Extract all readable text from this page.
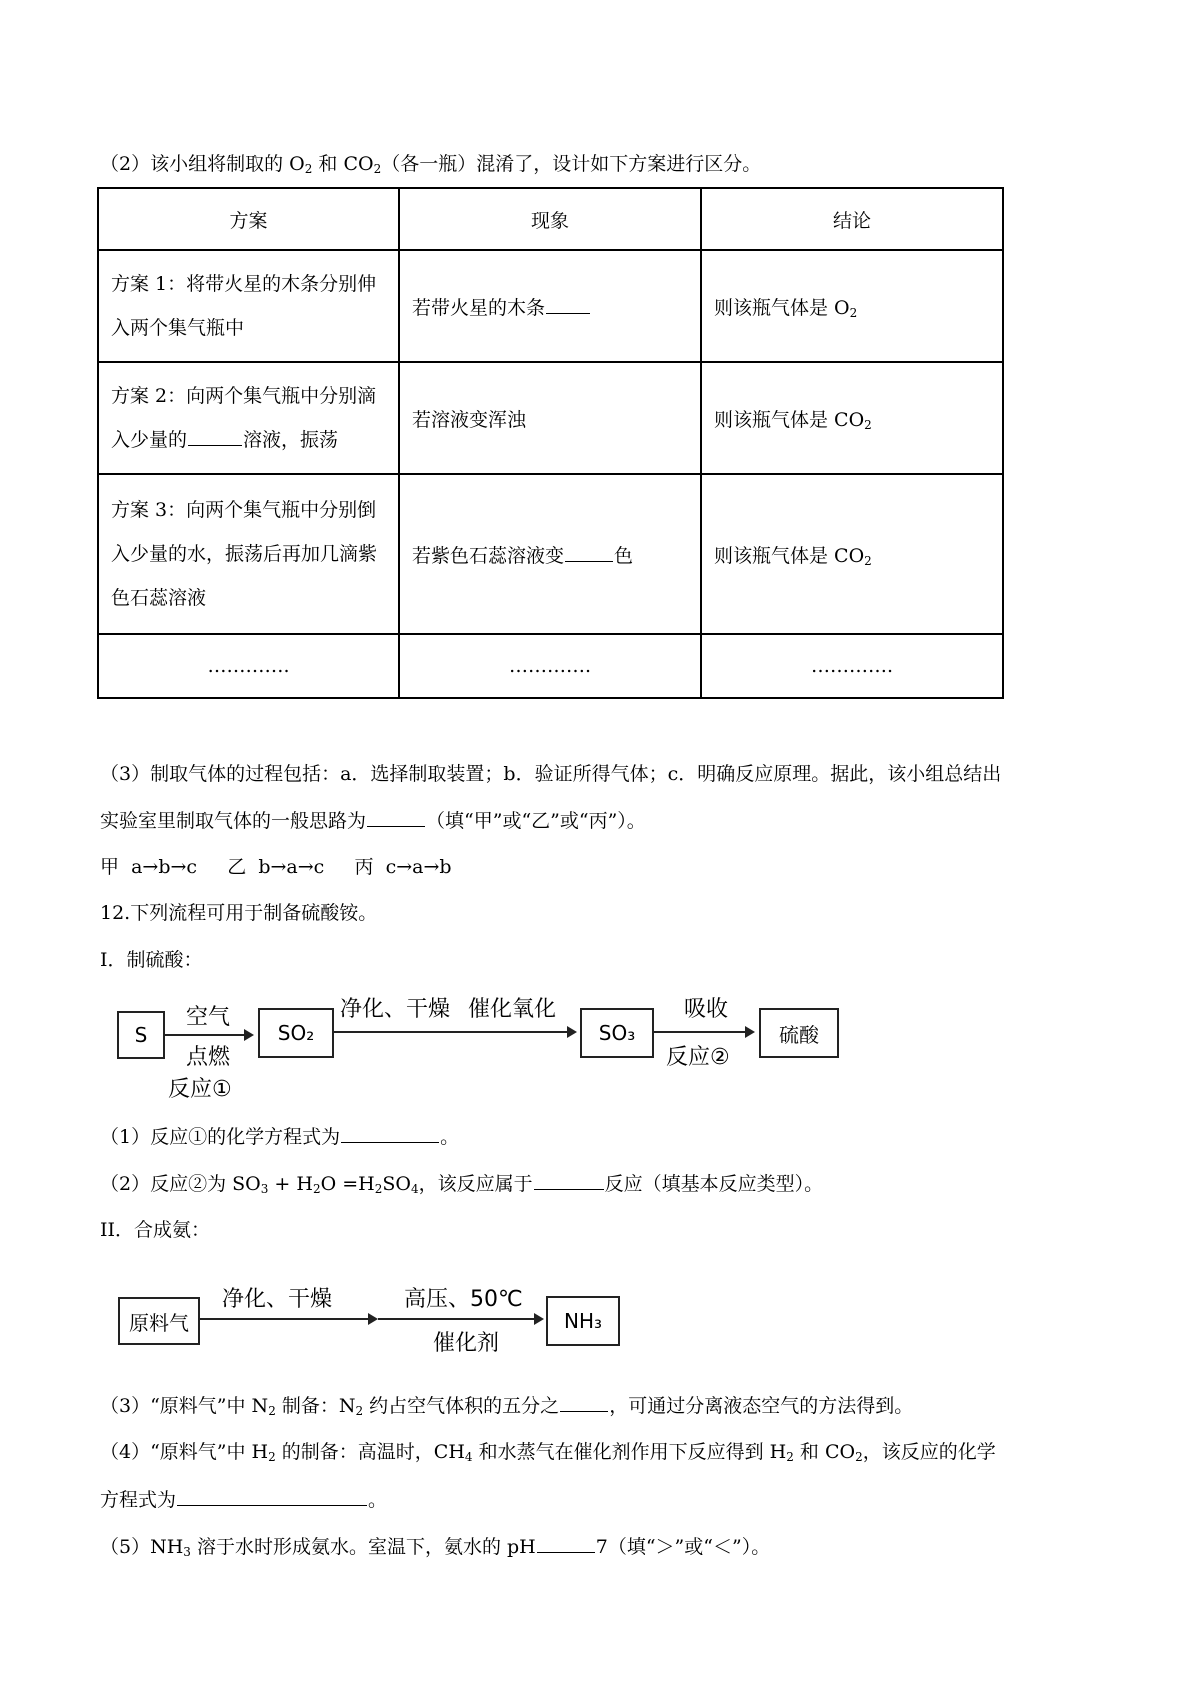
（2）该小组将制取的 $O_2$ 和 $CO_2$（各一瓶）混淆了，设计如下方案进行区分。
方案	现象	结论

方案 1：将带火星的木条分别伸入两个集气瓶中	若带火星的木条	则该瓶气体是 $O_2$

方案 2：向两个集气瓶中分别滴入少量的 溶液，振荡	若溶液变浑浊	则该瓶气体是 $CO_2$

方案 3：向两个集气瓶中分别倒入少量的水，振荡后再加几滴紫色石蕊溶液	若紫色石蕊溶液变 色	则该瓶气体是 $CO_2$
………….	………….	………….
（3）制取气体的过程包括：a．选择制取装置；b．验证所得气体；c．明确反应原理。据此，该小组总结出
实验室里制取气体的一般思路为	（填“甲”或“乙”或“丙”）。
甲  a→b→c     乙  b→a→c     丙  c→a→b
12.下列流程可用于制备硫酸铵。
I．制硫酸：
S
空气
点燃
反应①
SO₂
净化、干燥 催化氧化
SO₃
吸收
反应②
硫酸
（1）反应①的化学方程式为	。
（2）反应②为 $SO_3 + H_2O =H_2SO_4$，该反应属于	反应（填基本反应类型）。
II．合成氨：
原料气
净化、干燥	高压、50℃
催化剂
NH₃
（3）“原料气”中 $N_2$ 制备：$N_2$ 约占空气体积的五分之	，可通过分离液态空气的方法得到。
（4）“原料气”中 $H_2$ 的制备：高温时，$CH_4$ 和水蒸气在催化剂作用下反应得到 $H_2$ 和 $CO_2$，该反应的化学
方程式为	。
$(5)NH_3$ 溶于水时形成氨水。室温下，氨水的 pH	7（填“＞”或“＜”）。
